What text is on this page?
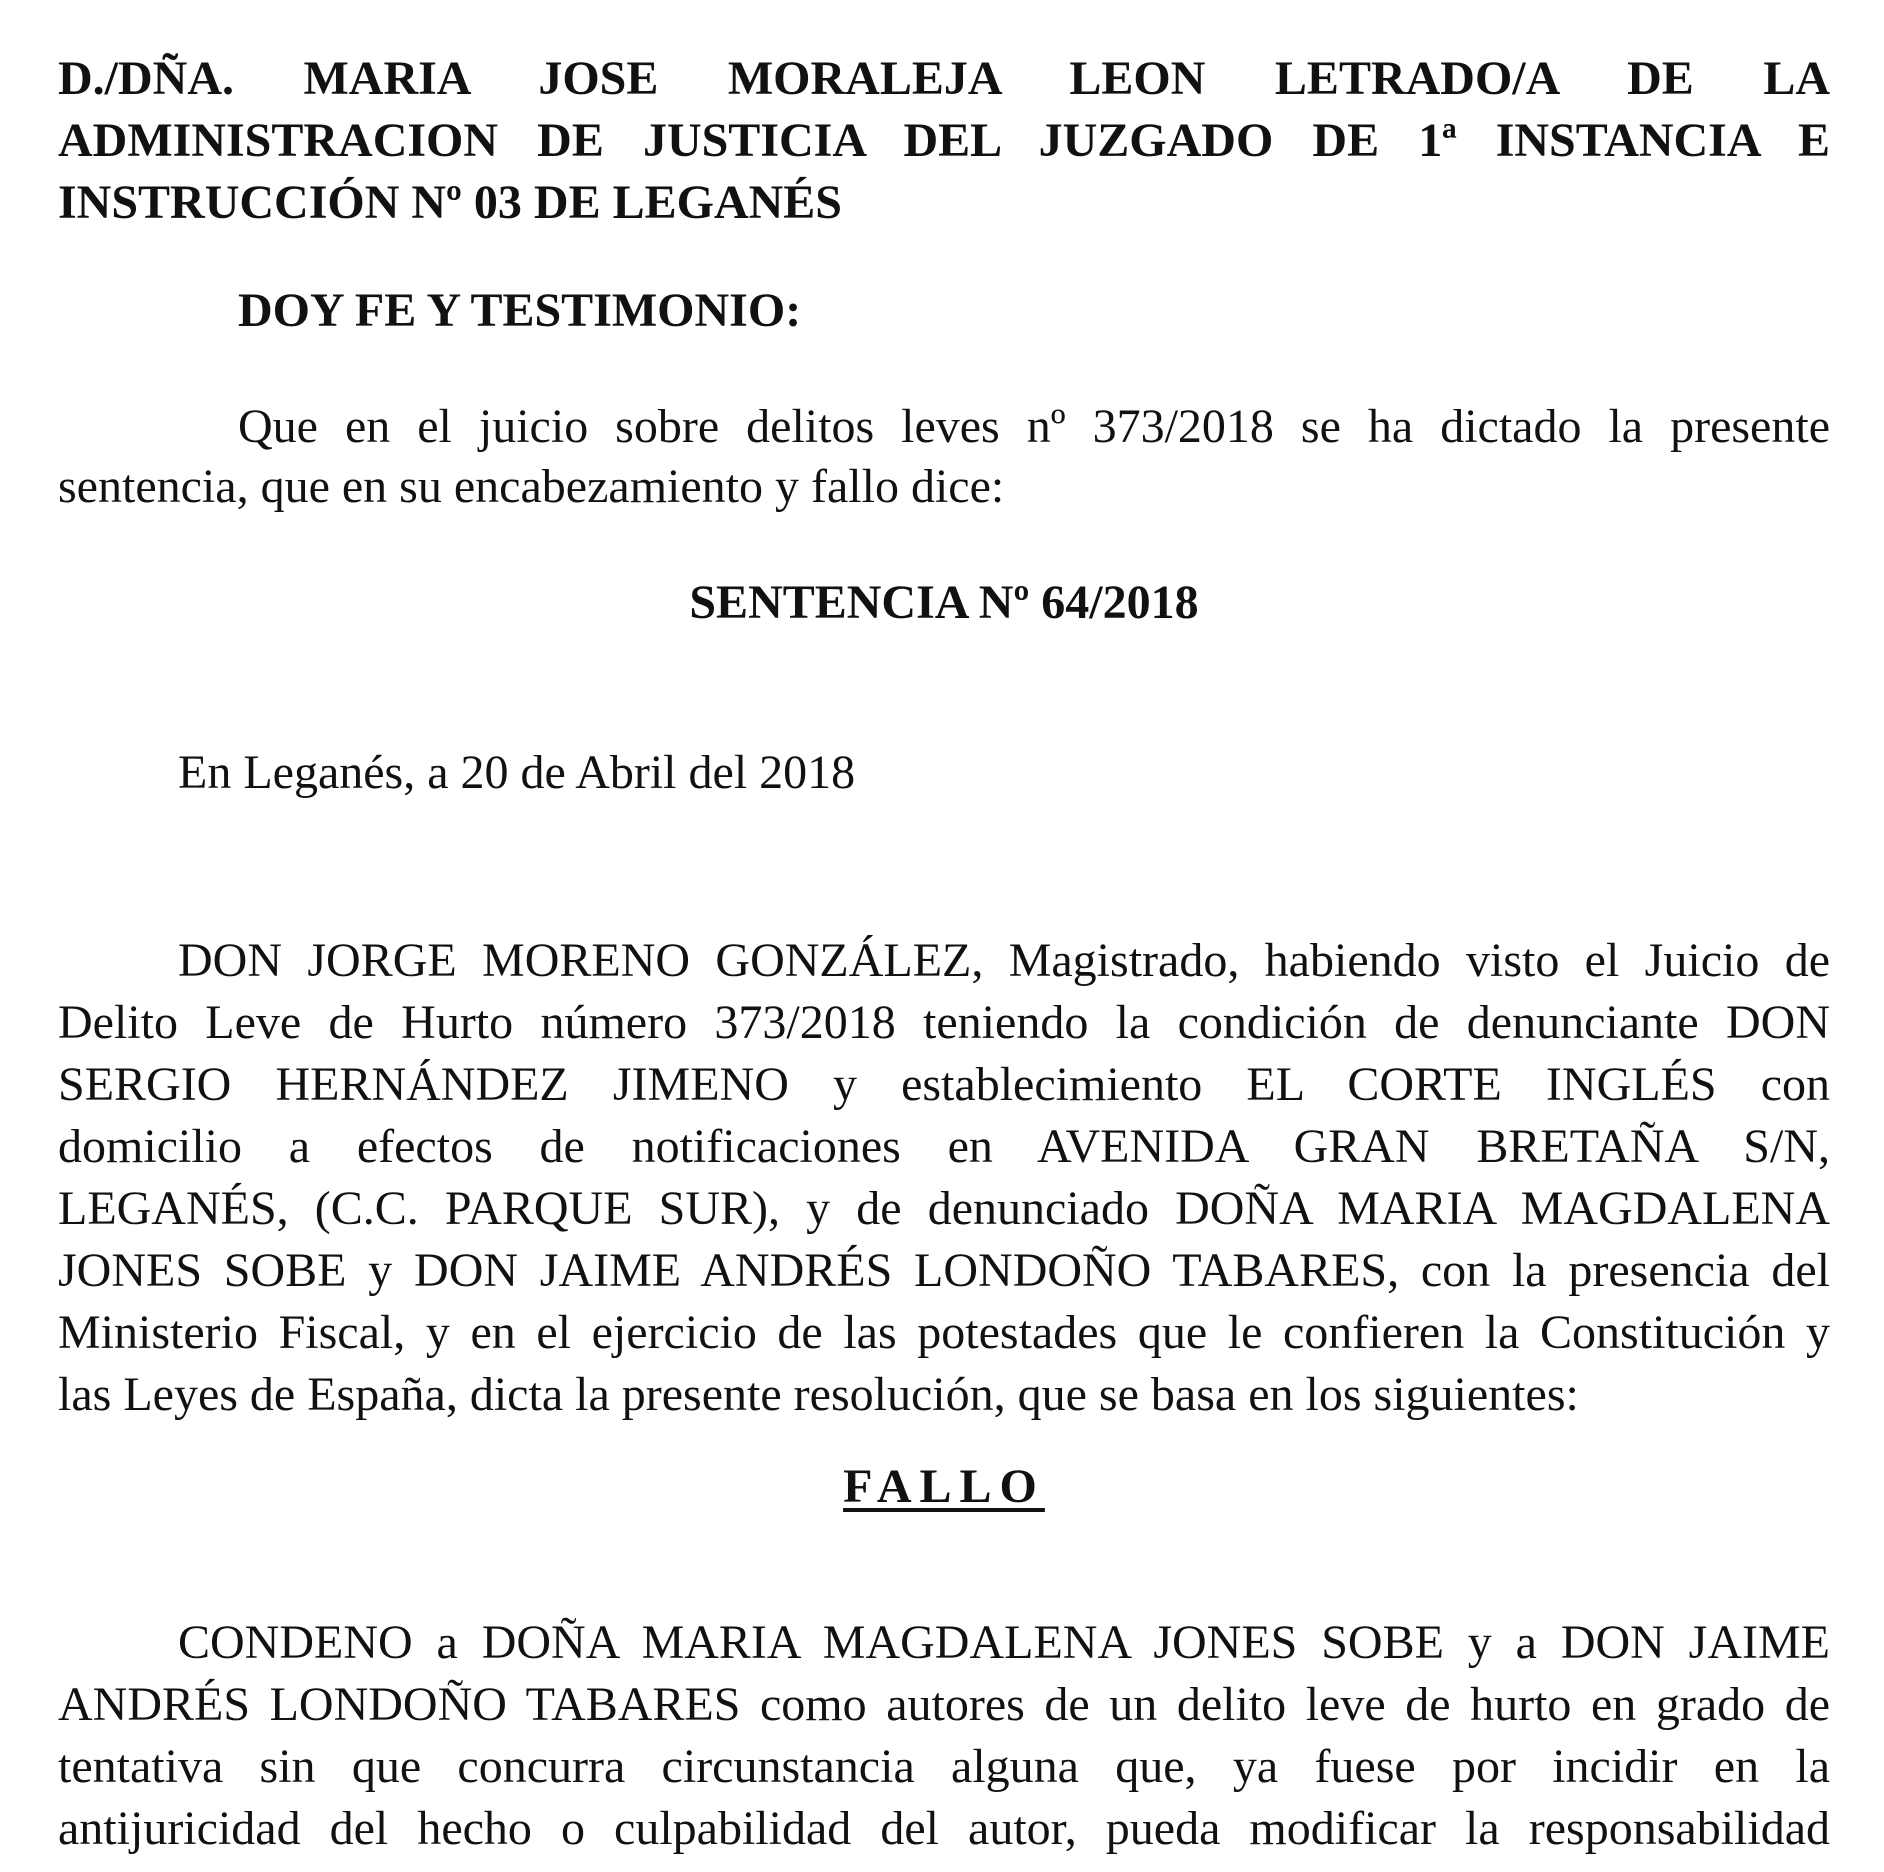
D./DÑA. MARIA JOSE MORALEJA LEON LETRADO/A DE LA
ADMINISTRACION DE JUSTICIA DEL JUZGADO DE 1ª INSTANCIA E
INSTRUCCIÓN Nº 03 DE LEGANÉS
DOY FE Y TESTIMONIO:
Que en el juicio sobre delitos leves nº 373/2018 se ha dictado la presente
sentencia, que en su encabezamiento y fallo dice:
SENTENCIA Nº 64/2018
En Leganés, a 20 de Abril del 2018
DON JORGE MORENO GONZÁLEZ, Magistrado, habiendo visto el Juicio de
Delito Leve de Hurto número 373/2018 teniendo la condición de denunciante DON
SERGIO HERNÁNDEZ JIMENO y establecimiento EL CORTE INGLÉS con
domicilio a efectos de notificaciones en AVENIDA GRAN BRETAÑA S/N,
LEGANÉS, (C.C. PARQUE SUR), y de denunciado DOÑA MARIA MAGDALENA
JONES SOBE y DON JAIME ANDRÉS LONDOÑO TABARES, con la presencia del
Ministerio Fiscal, y en el ejercicio de las potestades que le confieren la Constitución y
las Leyes de España, dicta la presente resolución, que se basa en los siguientes:
FALLO
CONDENO a DOÑA MARIA MAGDALENA JONES SOBE y a DON JAIME
ANDRÉS LONDOÑO TABARES como autores de un delito leve de hurto en grado de
tentativa sin que concurra circunstancia alguna que, ya fuese por incidir en la
antijuricidad del hecho o culpabilidad del autor, pueda modificar la responsabilidad
